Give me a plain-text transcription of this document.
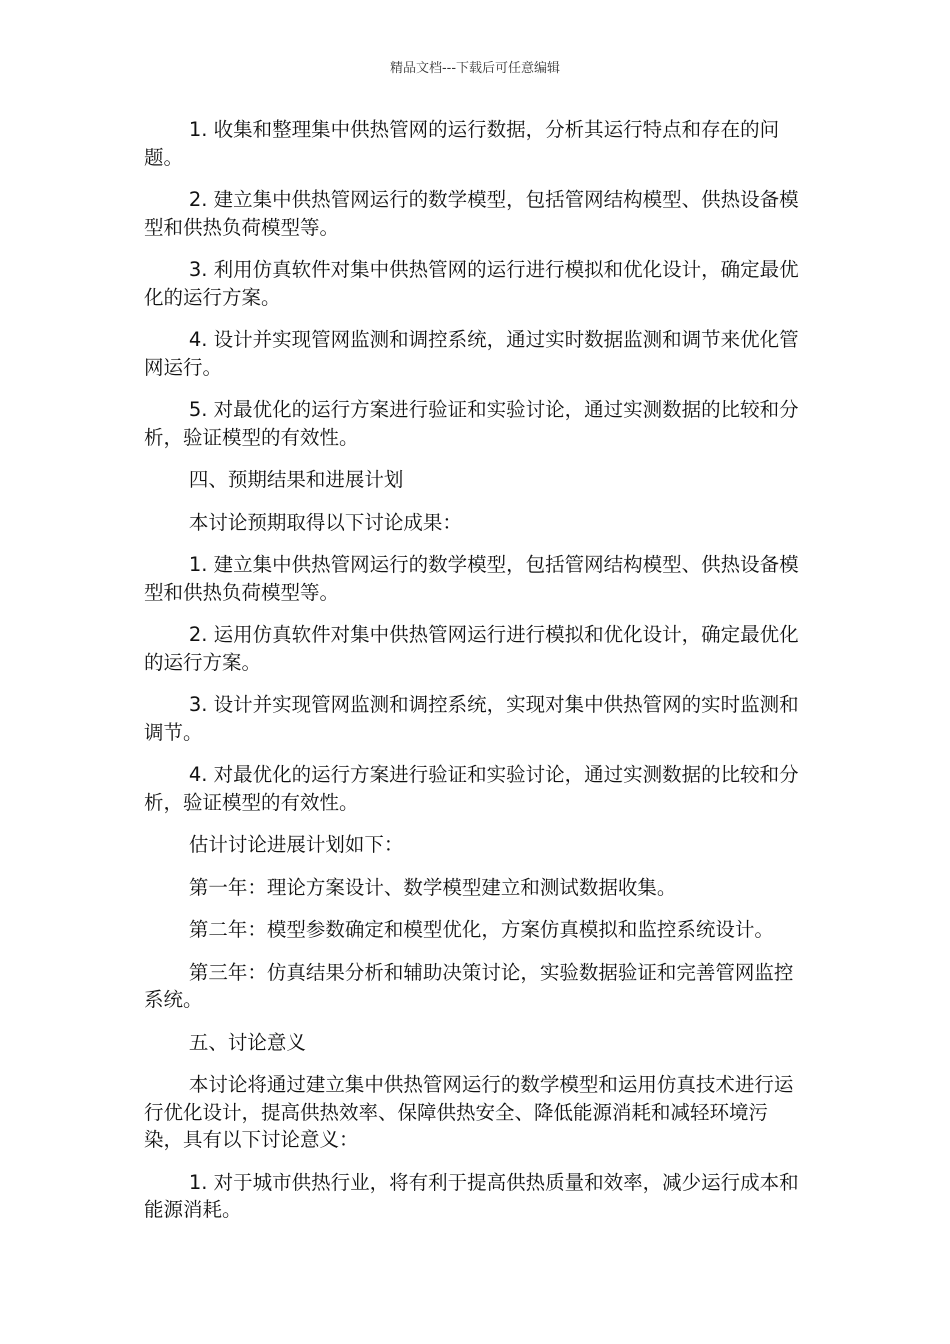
精品文档---下载后可任意编辑

1. 收集和整理集中供热管网的运行数据，分析其运行特点和存在的问题。

2. 建立集中供热管网运行的数学模型，包括管网结构模型、供热设备模型和供热负荷模型等。

3. 利用仿真软件对集中供热管网的运行进行模拟和优化设计，确定最优化的运行方案。

4. 设计并实现管网监测和调控系统，通过实时数据监测和调节来优化管网运行。

5. 对最优化的运行方案进行验证和实验讨论，通过实测数据的比较和分析，验证模型的有效性。

四、预期结果和进展计划

本讨论预期取得以下讨论成果：

1. 建立集中供热管网运行的数学模型，包括管网结构模型、供热设备模型和供热负荷模型等。

2. 运用仿真软件对集中供热管网运行进行模拟和优化设计，确定最优化的运行方案。

3. 设计并实现管网监测和调控系统，实现对集中供热管网的实时监测和调节。

4. 对最优化的运行方案进行验证和实验讨论，通过实测数据的比较和分析，验证模型的有效性。

估计讨论进展计划如下：

第一年：理论方案设计、数学模型建立和测试数据收集。

第二年：模型参数确定和模型优化，方案仿真模拟和监控系统设计。

第三年：仿真结果分析和辅助决策讨论，实验数据验证和完善管网监控系统。

五、讨论意义

本讨论将通过建立集中供热管网运行的数学模型和运用仿真技术进行运行优化设计，提高供热效率、保障供热安全、降低能源消耗和减轻环境污染，具有以下讨论意义：

1. 对于城市供热行业，将有利于提高供热质量和效率，减少运行成本和能源消耗。
